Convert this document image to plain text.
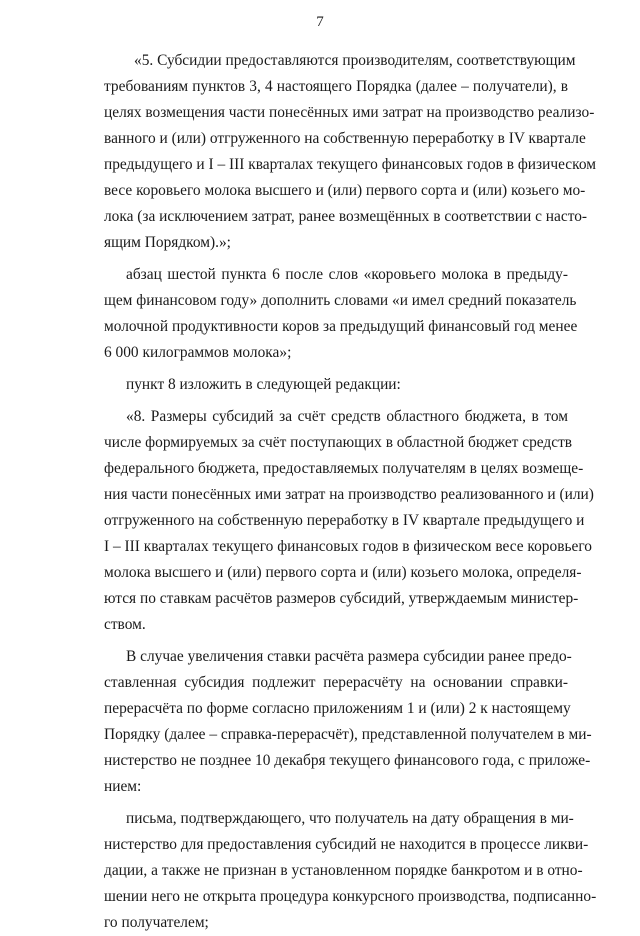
7
«5. Субсидии предоставляются производителям, соответствующим
требованиям пунктов 3, 4 настоящего Порядка (далее – получатели), в
целях возмещения части понесённых ими затрат на производство реализо-
ванного и (или) отгруженного на собственную переработку в IV квартале
предыдущего и I – III кварталах текущего финансовых годов в физическом
весе коровьего молока высшего и (или) первого сорта и (или) козьего мо-
лока (за исключением затрат, ранее возмещённых в соответствии с насто-
ящим Порядком).»;
абзац шестой пункта 6 после слов «коровьего молока в предыду-
щем финансовом году» дополнить словами «и имел средний показатель
молочной продуктивности коров за предыдущий финансовый год менее
6 000 килограммов молока»;
пункт 8 изложить в следующей редакции:
«8. Размеры субсидий за счёт средств областного бюджета, в том
числе формируемых за счёт поступающих в областной бюджет средств
федерального бюджета, предоставляемых получателям в целях возмеще-
ния части понесённых ими затрат на производство реализованного и (или)
отгруженного на собственную переработку в IV квартале предыдущего и
I – III кварталах текущего финансовых годов в физическом весе коровьего
молока высшего и (или) первого сорта и (или) козьего молока, определя-
ются по ставкам расчётов размеров субсидий, утверждаемым министер-
ством.
В случае увеличения ставки расчёта размера субсидии ранее предо-
ставленная субсидия подлежит перерасчёту на основании справки-
перерасчёта по форме согласно приложениям 1 и (или) 2 к настоящему
Порядку (далее – справка-перерасчёт), представленной получателем в ми-
нистерство не позднее 10 декабря текущего финансового года, с приложе-
нием:
письма, подтверждающего, что получатель на дату обращения в ми-
нистерство для предоставления субсидий не находится в процессе ликви-
дации, а также не признан в установленном порядке банкротом и в отно-
шении него не открыта процедура конкурсного производства, подписанно-
го получателем;
